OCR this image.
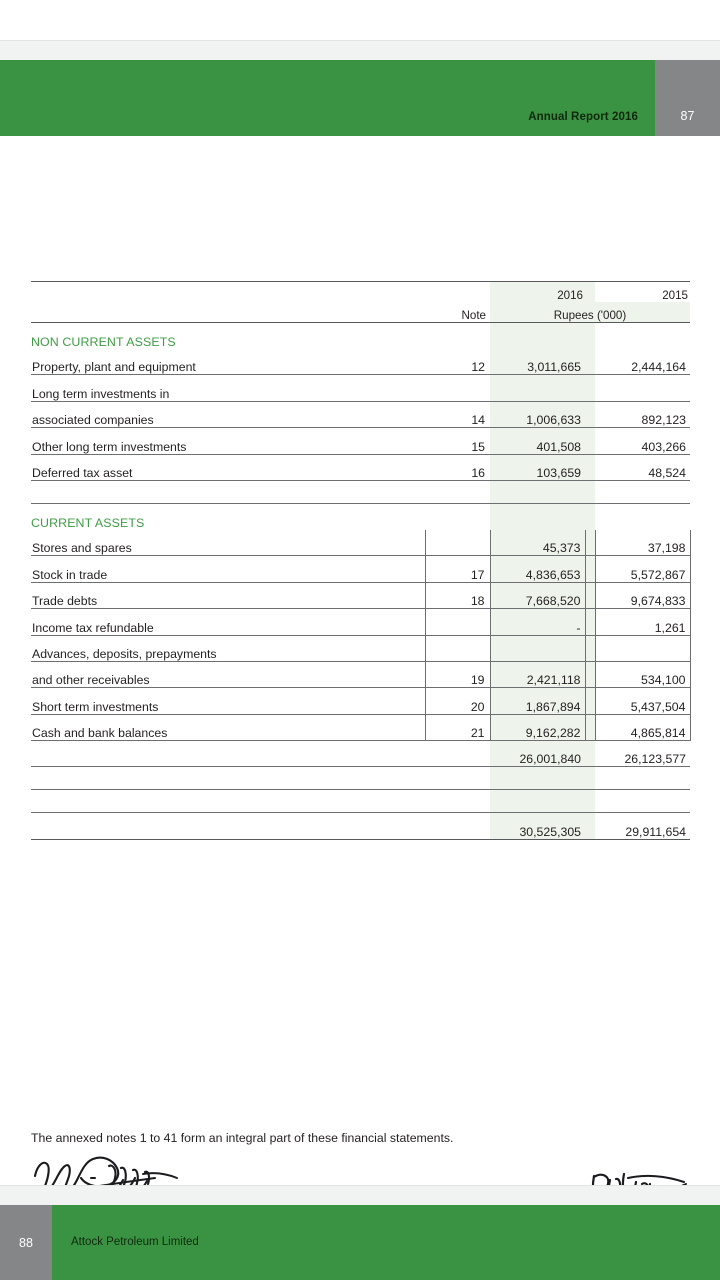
Annual Report 2016	87
		2016		2015
	Note	Rupees ('000)		
NON CURRENT ASSETS				
Property, plant and equipment	12	3,011,665		2,444,164
Long term investments in				
associated companies	14	1,006,633		892,123
Other long term investments	15	401,508		403,266
Deferred tax asset	16	103,659		48,524

CURRENT ASSETS				
Stores and spares		45,373		37,198
Stock in trade	17	4,836,653		5,572,867
Trade debts	18	7,668,520		9,674,833
Income tax refundable		-		1,261
Advances, deposits, prepayments				
and other receivables	19	2,421,118		534,100
Short term investments	20	1,867,894		5,437,504
Cash and bank balances	21	9,162,282		4,865,814
		26,001,840		26,123,577

		30,525,305		29,911,654
The annexed notes 1 to 41 form an integral part of these financial statements.
88	Attock Petroleum Limited
